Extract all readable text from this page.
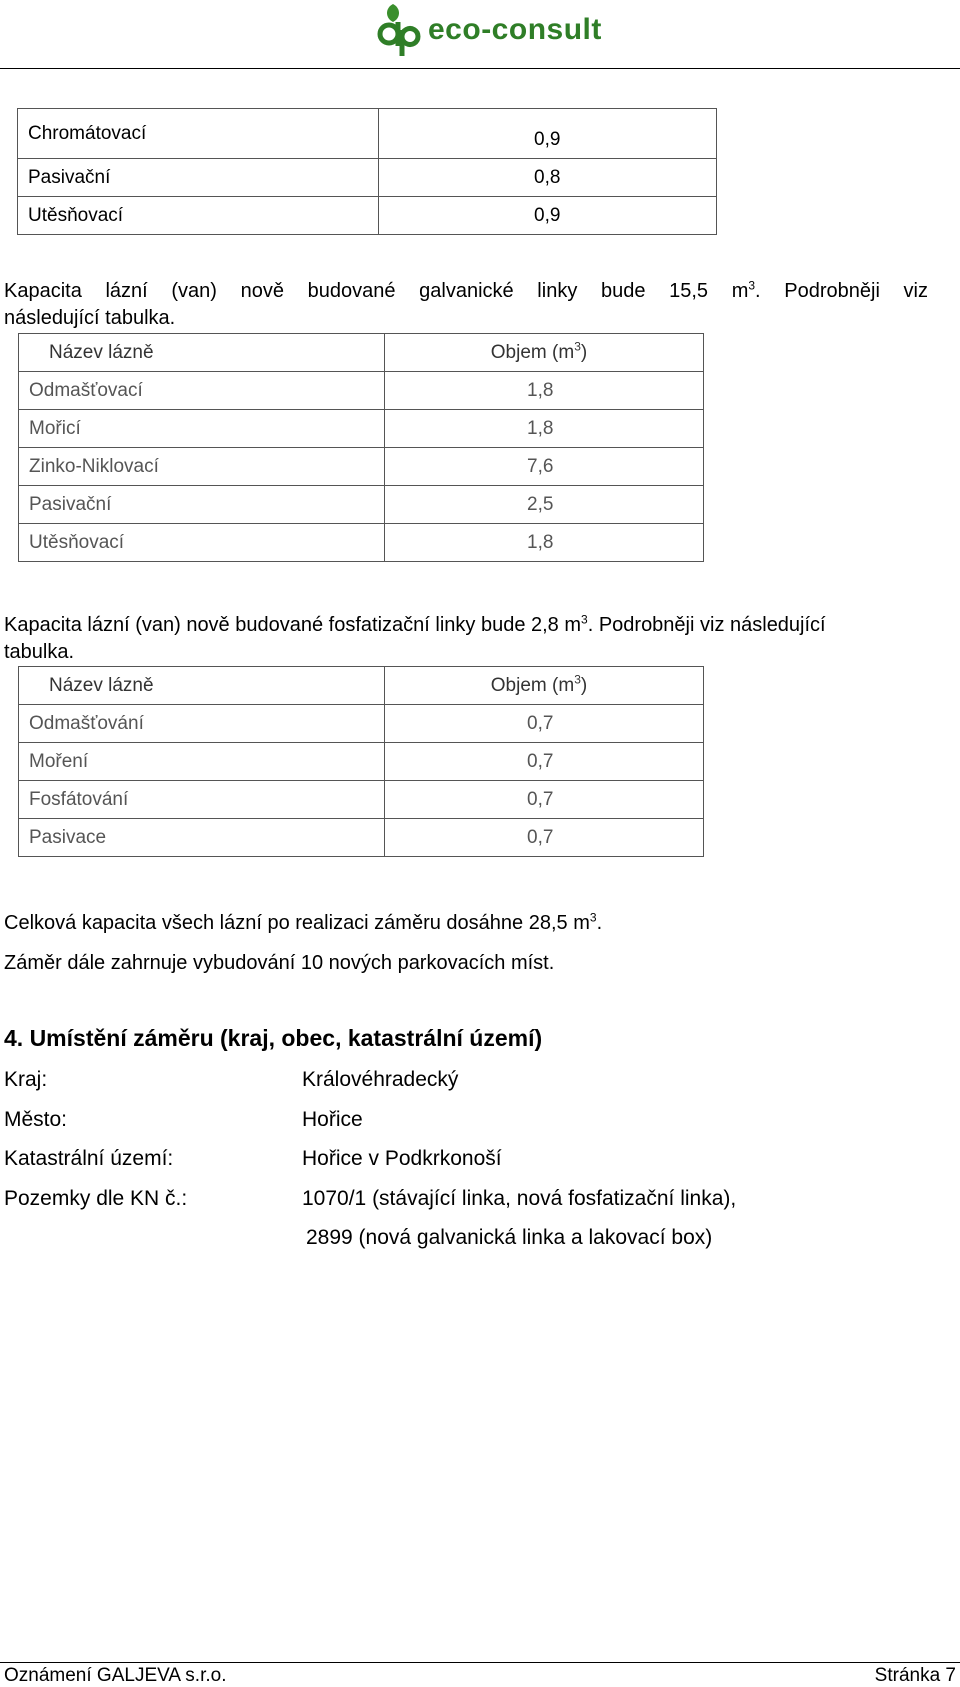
eco-consult
Chromátovací	0,9
Pasivační	0,8
Utěsňovací	0,9
Kapacita lázní (van) nově budované galvanické linky bude 15,5 $m^3$. Podrobněji viz
následující tabulka.
Název lázně	Objem $(m^3)$
Odmašťovací	1,8
Mořicí	1,8
Zinko-Niklovací	7,6
Pasivační	2,5
Utěsňovací	1,8
Kapacita lázní (van) nově budované fosfatizační linky bude 2,8 $m^3$. Podrobněji viz následující
tabulka.
Název lázně	Objem $(m^3)$
Odmašťování	0,7
Moření	0,7
Fosfátování	0,7
Pasivace	0,7
Celková kapacita všech lázní po realizaci záměru dosáhne 28,5 $m^3$.
Záměr dále zahrnuje vybudování 10 nových parkovacích míst.
4. Umístění záměru (kraj, obec, katastrální území)
Kraj:	Královéhradecký
Město:	Hořice
Katastrální území:	Hořice v Podkrkonoší
Pozemky dle KN č.:	1070/1 (stávající linka, nová fosfatizační linka),
2899 (nová galvanická linka a lakovací box)
Oznámení GALJEVA s.r.o.	Stránka 7
